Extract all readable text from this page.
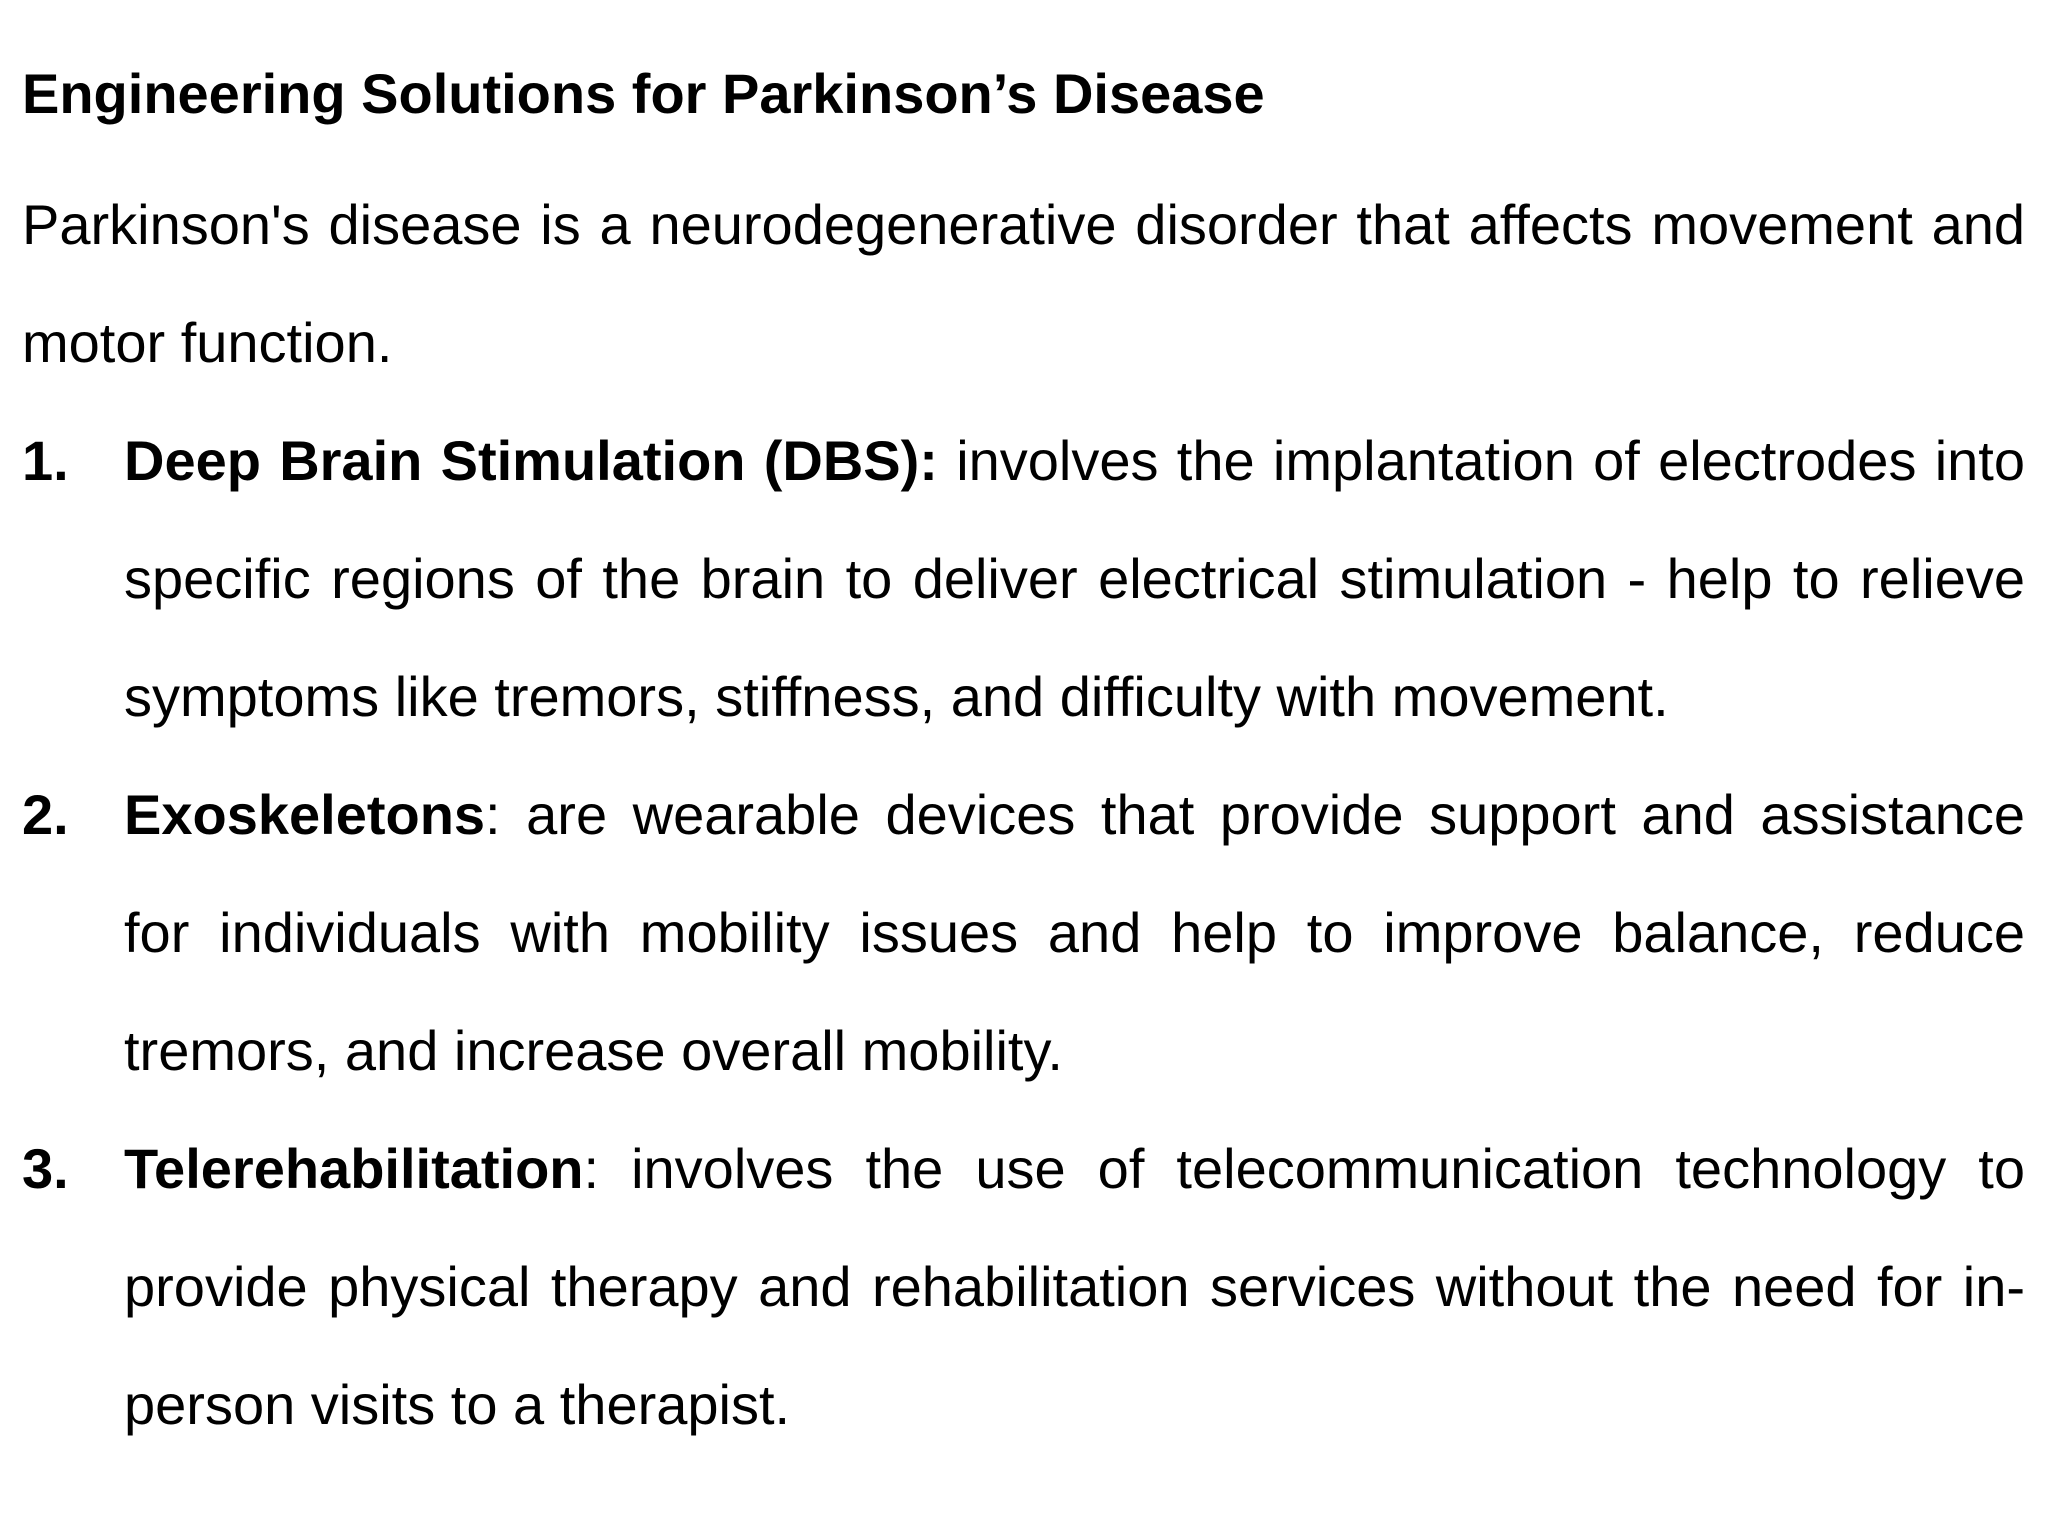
Engineering Solutions for Parkinson’s Disease

Parkinson's disease is a neurodegenerative disorder that affects movement and motor function.

1. Deep Brain Stimulation (DBS): involves the implantation of electrodes into specific regions of the brain to deliver electrical stimulation - help to relieve symptoms like tremors, stiffness, and difficulty with movement.
2. Exoskeletons: are wearable devices that provide support and assistance for individuals with mobility issues and help to improve balance, reduce tremors, and increase overall mobility.
3. Telerehabilitation: involves the use of telecommunication technology to provide physical therapy and rehabilitation services without the need for in-person visits to a therapist.
